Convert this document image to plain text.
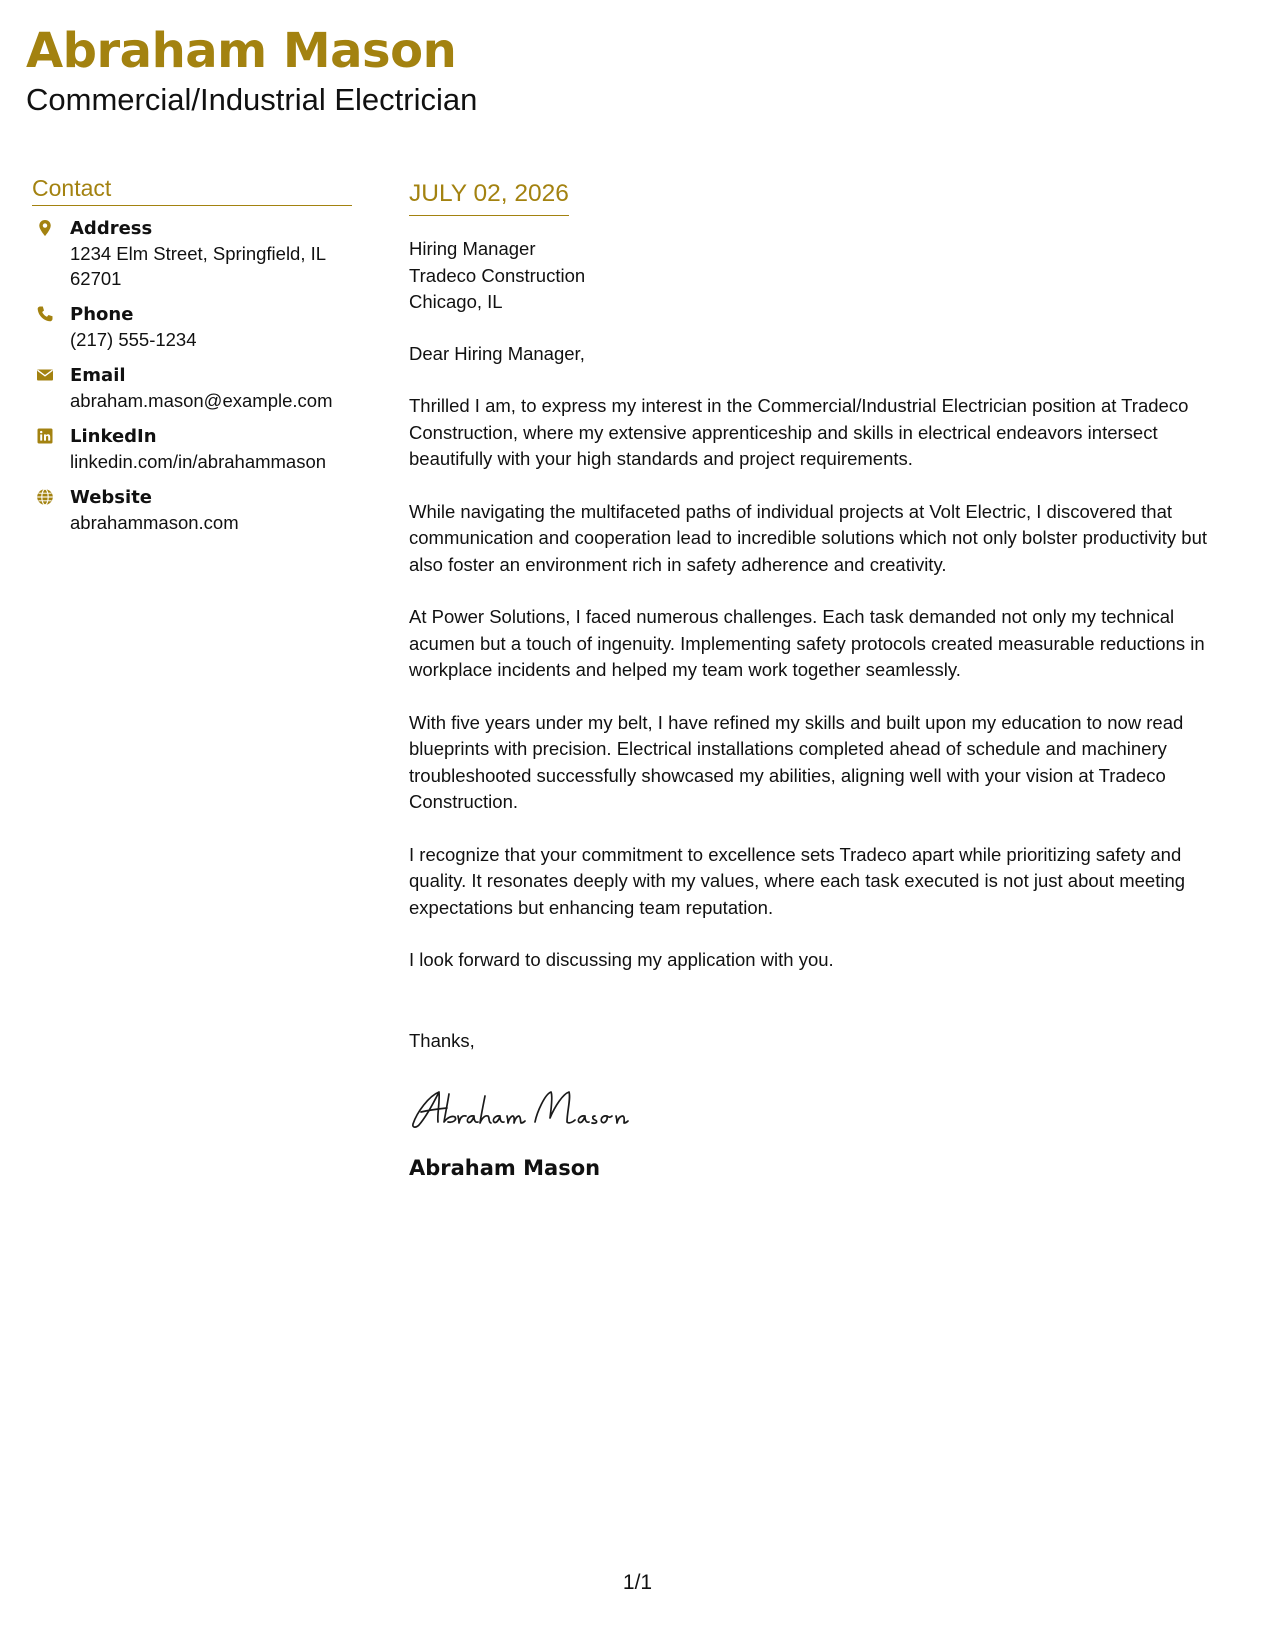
Abraham Mason
Commercial/Industrial Electrician
Contact
Address
1234 Elm Street, Springfield, IL
62701
Phone
(217) 555-1234
Email
abraham.mason@example.com
LinkedIn
linkedin.com/in/abrahammason
Website
abrahammason.com
JULY 02, 2026
Hiring Manager
Tradeco Construction
Chicago, IL
Dear Hiring Manager,

Thrilled I am, to express my interest in the Commercial/Industrial Electrician position at Tradeco Construction, where my extensive apprenticeship and skills in electrical endeavors intersect beautifully with your high standards and project requirements.

While navigating the multifaceted paths of individual projects at Volt Electric, I discovered that communication and cooperation lead to incredible solutions which not only bolster productivity but also foster an environment rich in safety adherence and creativity.

At Power Solutions, I faced numerous challenges. Each task demanded not only my technical acumen but a touch of ingenuity. Implementing safety protocols created measurable reductions in workplace incidents and helped my team work together seamlessly.

With five years under my belt, I have refined my skills and built upon my education to now read blueprints with precision. Electrical installations completed ahead of schedule and machinery troubleshooted successfully showcased my abilities, aligning well with your vision at Tradeco Construction.

I recognize that your commitment to excellence sets Tradeco apart while prioritizing safety and quality. It resonates deeply with my values, where each task executed is not just about meeting expectations but enhancing team reputation.

I look forward to discussing my application with you.

Thanks,
Abraham Mason
1/1
